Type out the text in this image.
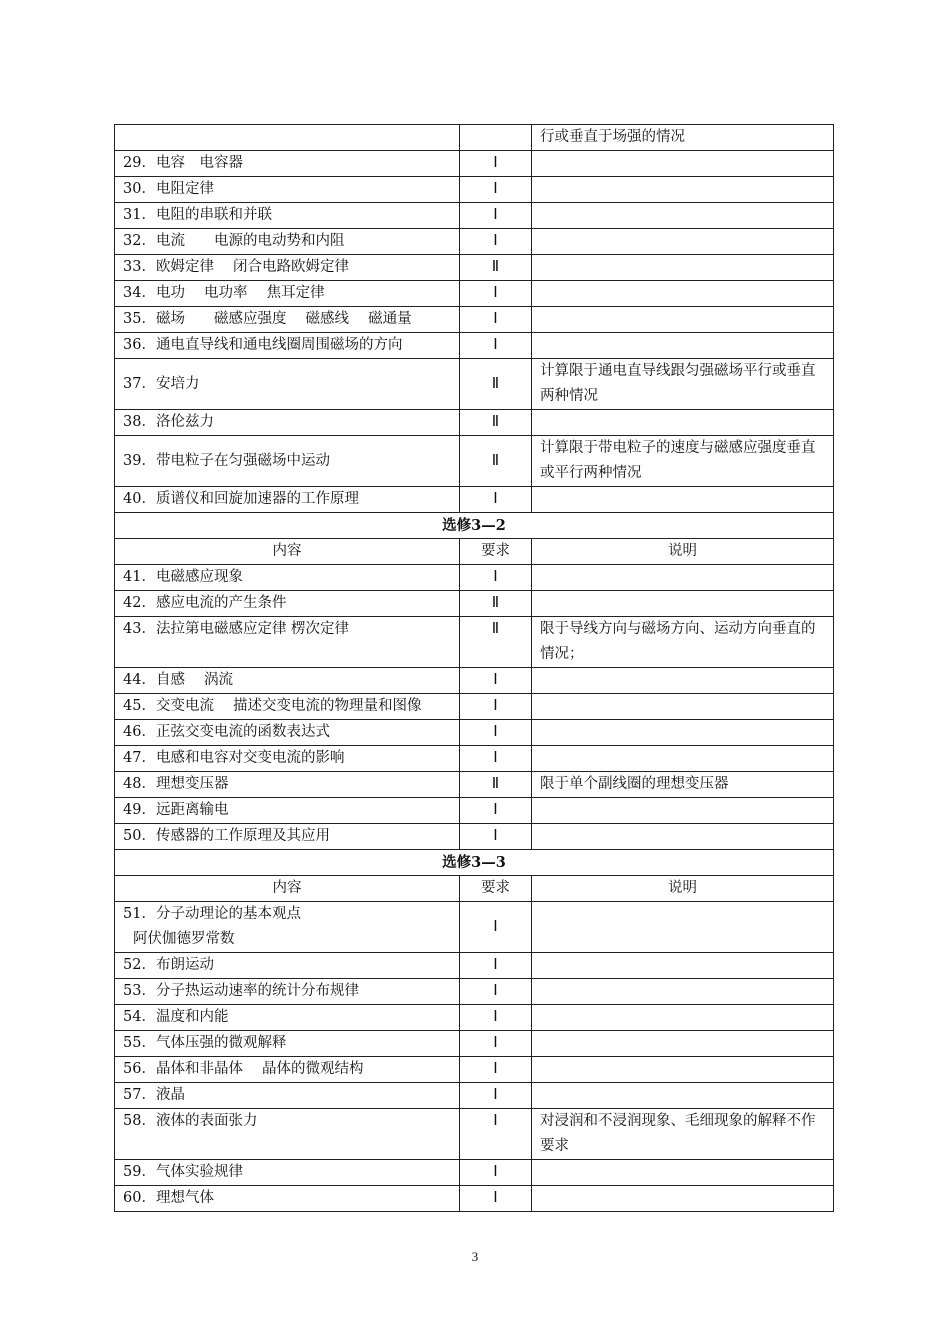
		行或垂直于场强的情况
29．电容　电容器	Ⅰ	
30．电阻定律	Ⅰ	
31．电阻的串联和并联	Ⅰ	
32．电流　　电源的电动势和内阻	Ⅰ	
33．欧姆定律　 闭合电路欧姆定律	Ⅱ	
34．电功　 电功率　 焦耳定律	Ⅰ	
35．磁场　　磁感应强度　 磁感线　 磁通量	Ⅰ	
36．通电直导线和通电线圈周围磁场的方向	Ⅰ	
37．安培力	Ⅱ	计算限于通电直导线跟匀强磁场平行或垂直两种情况
38．洛伦兹力	Ⅱ	
39．带电粒子在匀强磁场中运动	Ⅱ	计算限于带电粒子的速度与磁感应强度垂直或平行两种情况
40．质谱仪和回旋加速器的工作原理	Ⅰ	
选修3—2		
内容	要求	说明
41．电磁感应现象	Ⅰ	
42．感应电流的产生条件	Ⅱ	
43．法拉第电磁感应定律 楞次定律	Ⅱ	限于导线方向与磁场方向、运动方向垂直的情况；
44．自感　 涡流	Ⅰ	
45．交变电流　 描述交变电流的物理量和图像	Ⅰ	
46．正弦交变电流的函数表达式	Ⅰ	
47．电感和电容对交变电流的影响	Ⅰ	
48．理想变压器	Ⅱ	限于单个副线圈的理想变压器
49．远距离输电	Ⅰ	
50．传感器的工作原理及其应用	Ⅰ	
选修3—3		
内容	要求	说明

51．分子动理论的基本观点
阿伏伽德罗常数	Ⅰ	
52．布朗运动	Ⅰ	
53．分子热运动速率的统计分布规律	Ⅰ	
54．温度和内能	Ⅰ	
55．气体压强的微观解释	Ⅰ	
56．晶体和非晶体　 晶体的微观结构	Ⅰ	
57．液晶	Ⅰ	
58．液体的表面张力	Ⅰ	对浸润和不浸润现象、毛细现象的解释不作要求
59．气体实验规律	Ⅰ	
60．理想气体	Ⅰ	
3
